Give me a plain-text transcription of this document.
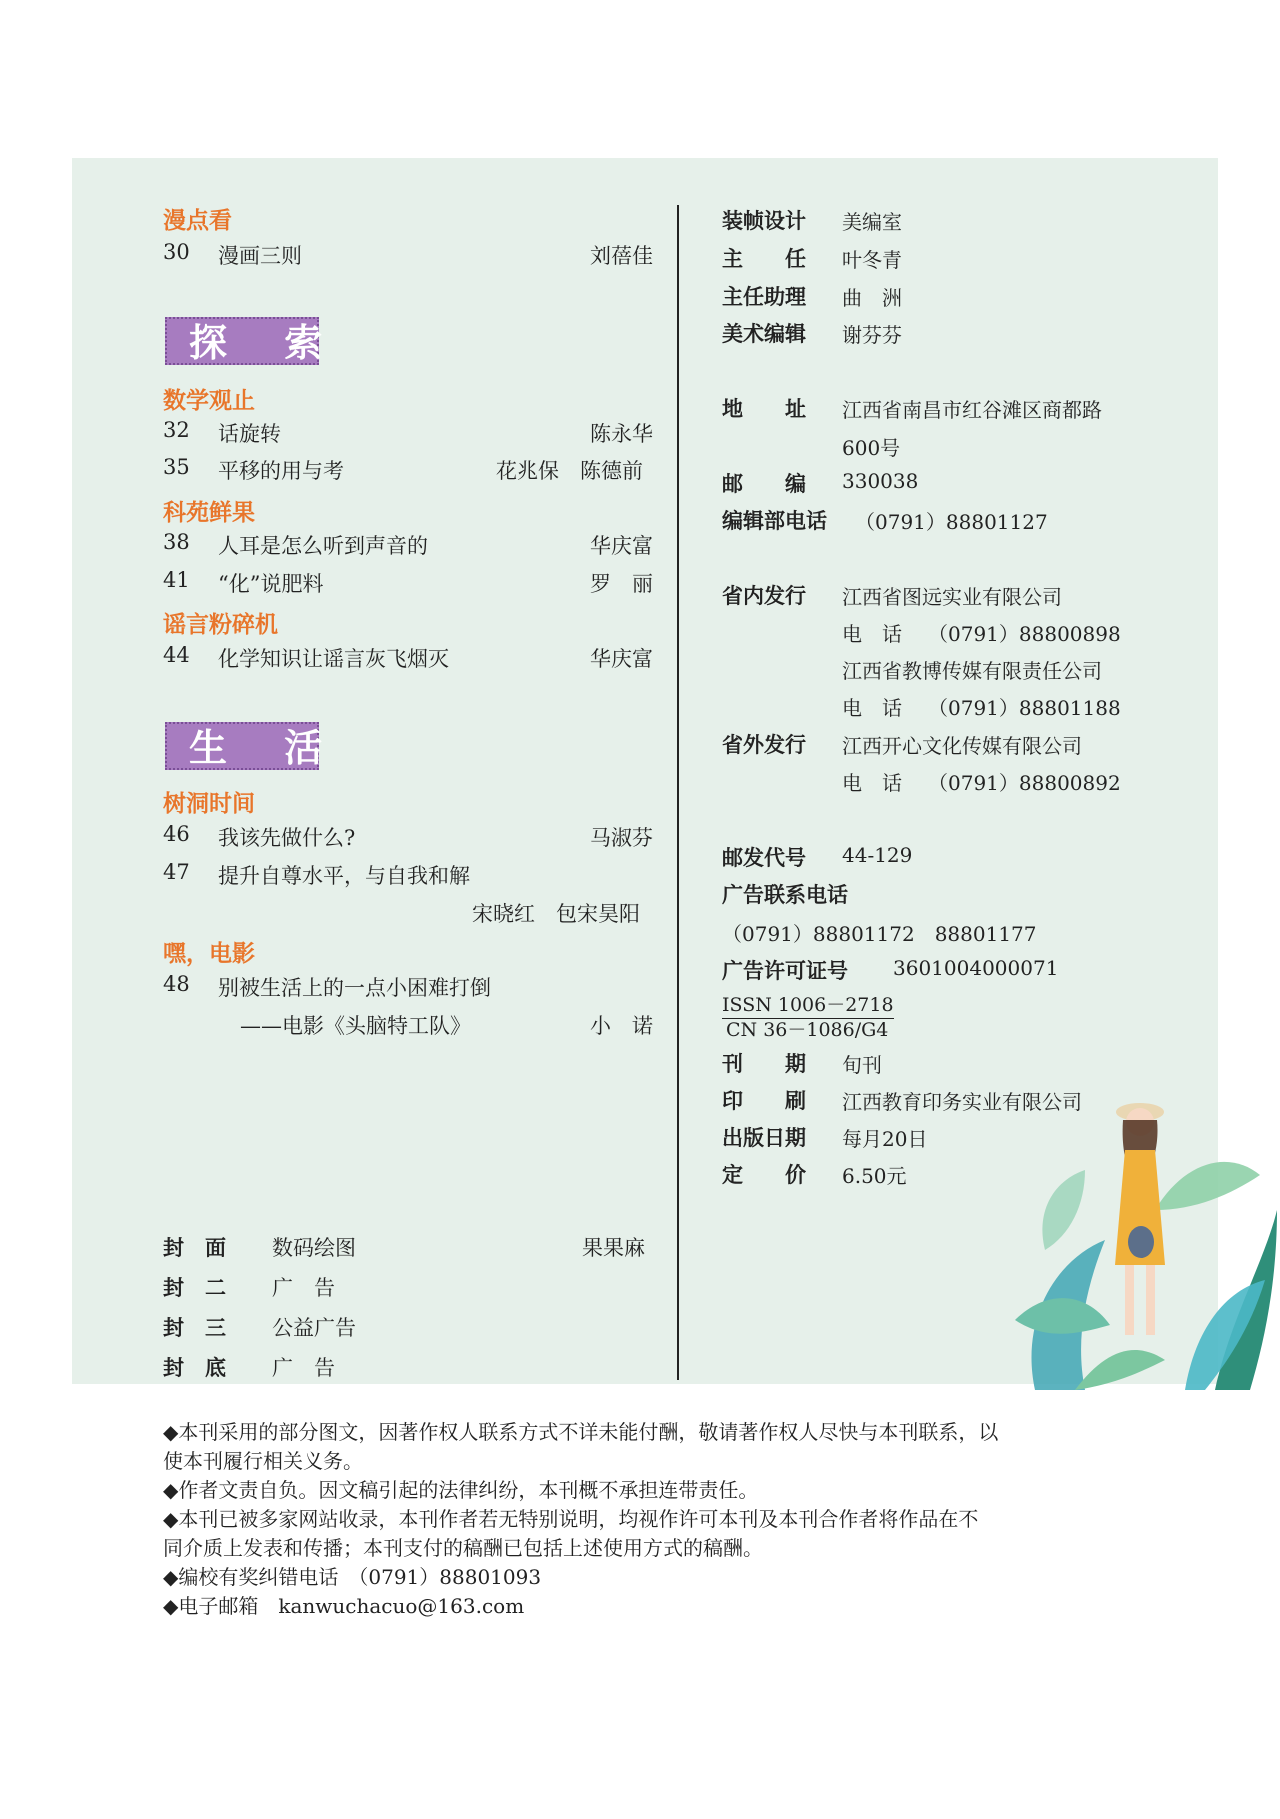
漫点看
30 漫画三则	刘蓓佳
探 索
数学观止
32 话旋转	陈永华
35 平移的用与考	花兆保　陈德前
科苑鲜果
38 人耳是怎么听到声音的	华庆富
41 “化”说肥料	罗　丽
谣言粉碎机
44 化学知识让谣言灰飞烟灭	华庆富
生 活
树洞时间
46 我该先做什么?	马淑芬
47 提升自尊水平，与自我和解
宋晓红　包宋昊阳
嘿，电影
48 别被生活上的一点小困难打倒
——电影《头脑特工队》	小　诺
封　面 数码绘图	果果麻
封　二 广　告
封　三 公益广告
封　底 广　告
装帧设计 美编室
主　　任 叶冬青
主任助理 曲　洲
美术编辑 谢芬芬
地　　址 江西省南昌市红谷滩区商都路
600号
邮　　编 330038
编辑部电话 （0791）88801127
省内发行 江西省图远实业有限公司
电　话 （0791）88800898
江西省教博传媒有限责任公司
电　话 （0791）88801188
省外发行 江西开心文化传媒有限公司
电　话 （0791）88800892
邮发代号 44-129
广告联系电话
（0791）88801172　88801177
广告许可证号 3601004000071
ISSN 1006－2718
CN 36－1086/G4
刊　　期 旬刊
印　　刷 江西教育印务实业有限公司
出版日期 每月20日
定　　价 6.50元
◆本刊采用的部分图文，因著作权人联系方式不详未能付酬，敬请著作权人尽快与本刊联系，以
使本刊履行相关义务。
◆作者文责自负。因文稿引起的法律纠纷，本刊概不承担连带责任。
◆本刊已被多家网站收录，本刊作者若无特别说明，均视作许可本刊及本刊合作者将作品在不
同介质上发表和传播；本刊支付的稿酬已包括上述使用方式的稿酬。
◆编校有奖纠错电话　（0791）88801093
◆电子邮箱　kanwuchacuo@163.com
